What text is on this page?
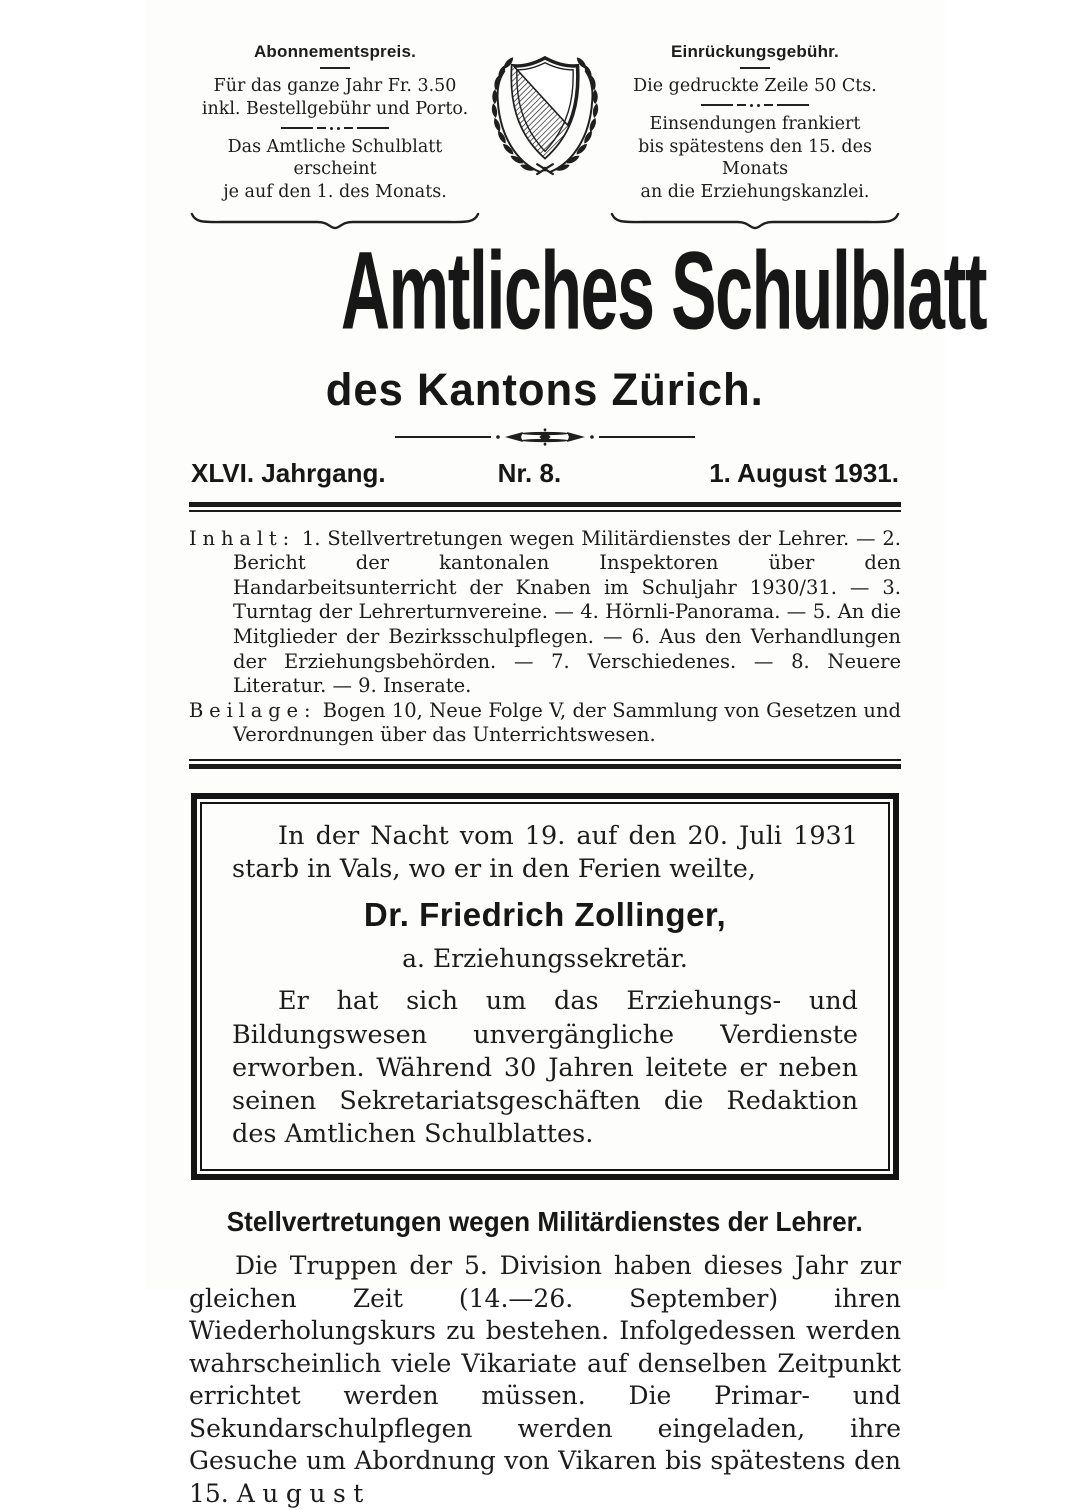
Abonnementspreis.
Für das ganze Jahr Fr. 3.50
inkl. Bestellgebühr und Porto.
Das Amtliche Schulblatt erscheint
je auf den 1. des Monats.
Einrückungsgebühr.
Die gedruckte Zeile 50 Cts.
Einsendungen frankiert
bis spätestens den 15. des Monats
an die Erziehungskanzlei.
Amtliches Schulblatt
des Kantons Zürich.
XLVI. Jahrgang.	Nr. 8.	1. August 1931.
Inhalt: 1. Stellvertretungen wegen Militärdienstes der Lehrer. — 2. Bericht der kantonalen Inspektoren über den Handarbeitsunterricht der Knaben im Schuljahr 1930/31. — 3. Turntag der Lehrerturnvereine. — 4. Hörnli-Panorama. — 5. An die Mitglieder der Bezirksschulpflegen. — 6. Aus den Verhandlungen der Erziehungsbehörden. — 7. Verschiedenes. — 8. Neuere Literatur. — 9. Inserate.
Beilage: Bogen 10, Neue Folge V, der Sammlung von Gesetzen und Verordnungen über das Unterrichtswesen.

In der Nacht vom 19. auf den 20. Juli 1931 starb in Vals, wo er in den Ferien weilte,

Dr. Friedrich Zollinger,
a. Erziehungssekretär.

Er hat sich um das Erziehungs- und Bildungswesen unvergängliche Verdienste erworben. Während 30 Jahren leitete er neben seinen Sekretariatsgeschäften die Redaktion des Amtlichen Schulblattes.

Stellvertretungen wegen Militärdienstes der Lehrer.

Die Truppen der 5. Division haben dieses Jahr zur gleichen Zeit (14.—26. September) ihren Wiederholungskurs zu bestehen. Infolgedessen werden wahrscheinlich viele Vikariate auf denselben Zeitpunkt errichtet werden müssen. Die Primar- und Sekundarschulpflegen werden eingeladen, ihre Gesuche um Abordnung von Vikaren bis spätestens den 15. August
